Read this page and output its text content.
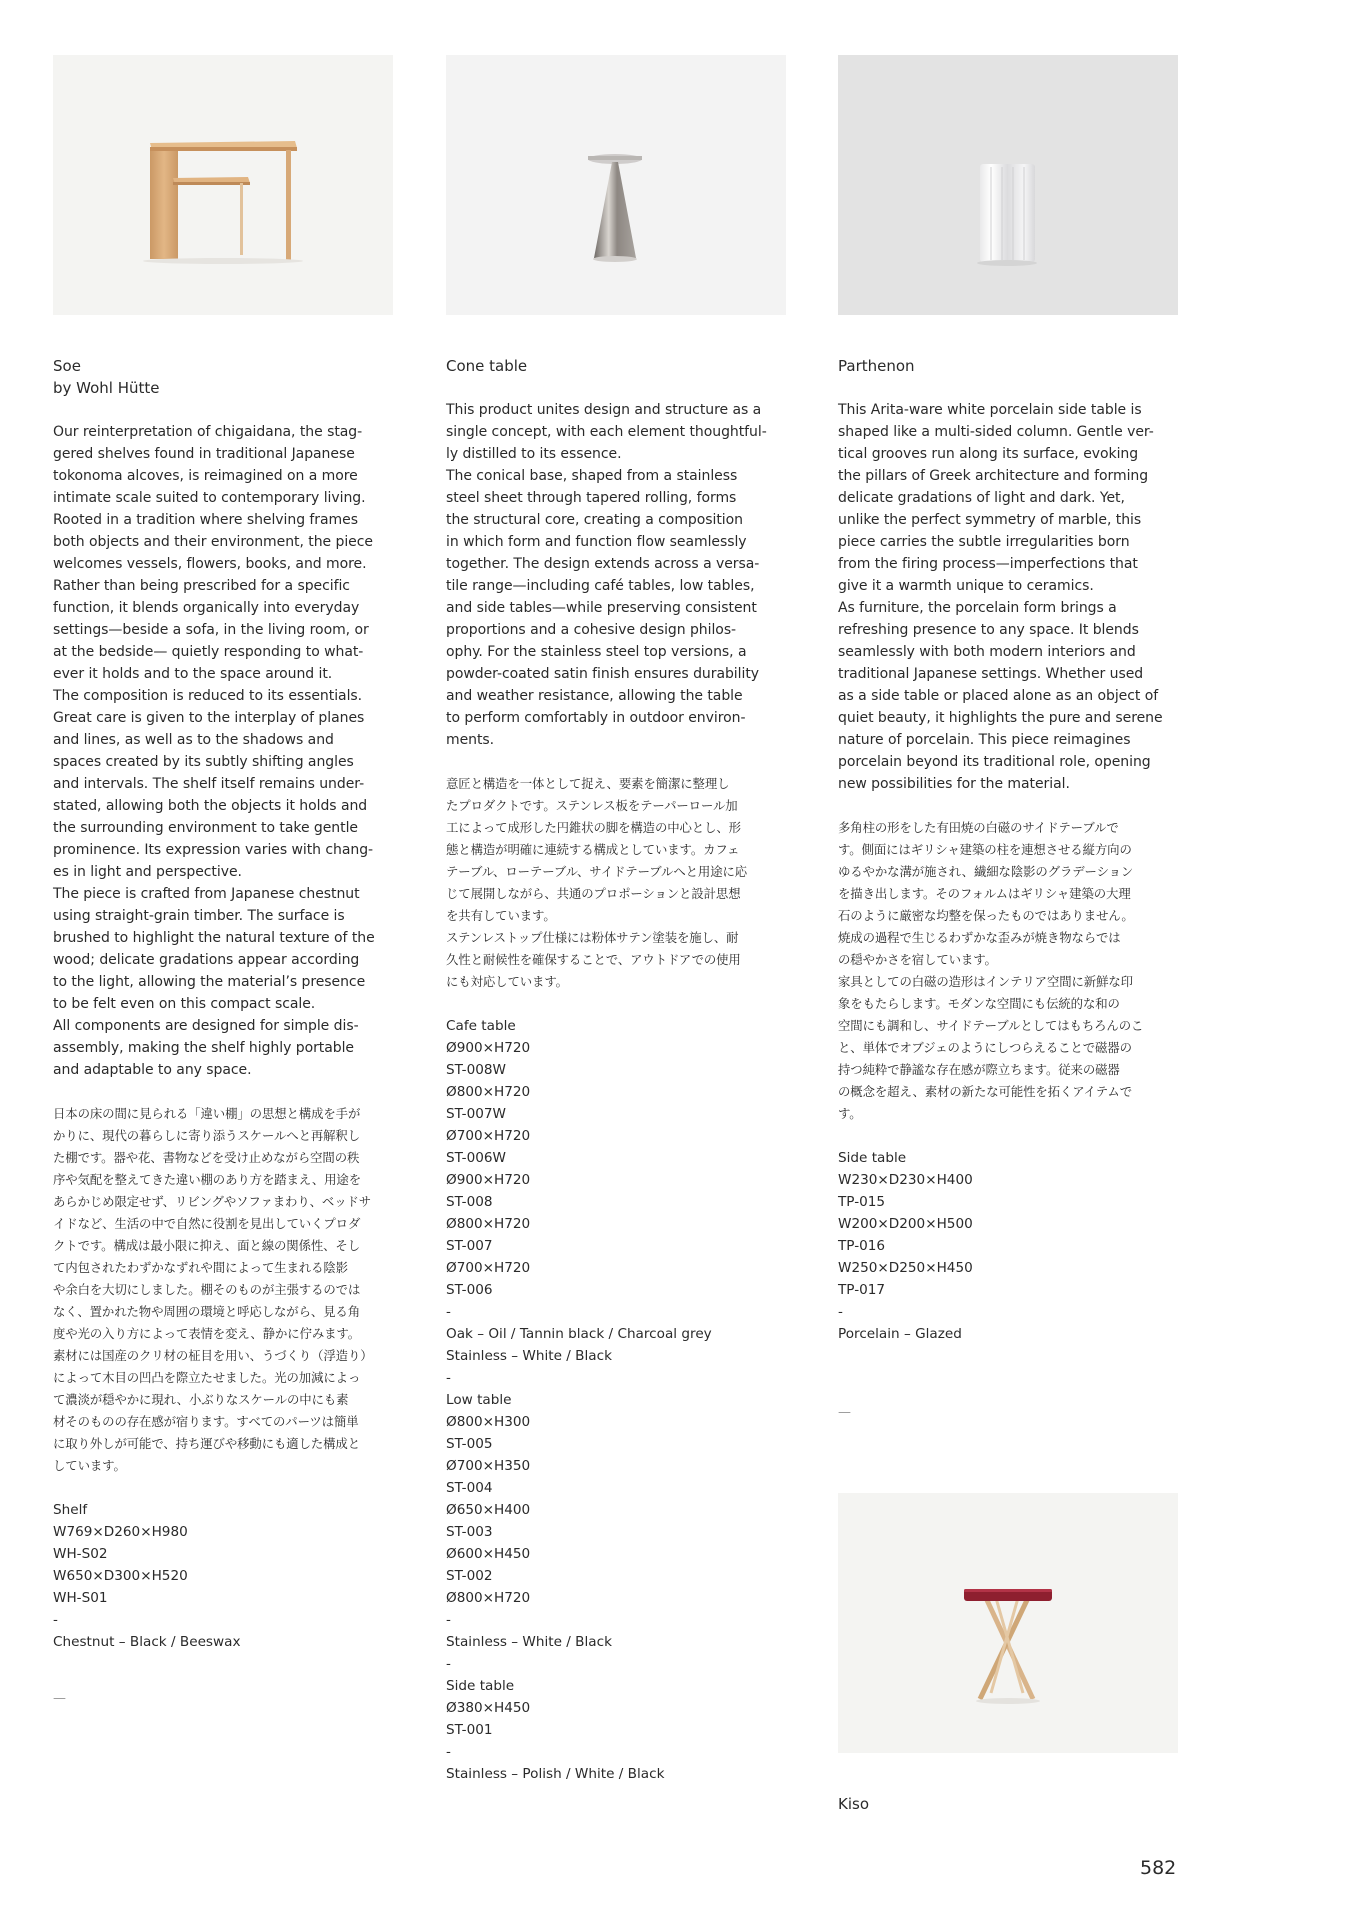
Soe

by Wohl Hütte

Our reinterpretation of chigaidana, the stag-

gered shelves found in traditional Japanese

tokonoma alcoves, is reimagined on a more

intimate scale suited to contemporary living.

Rooted in a tradition where shelving frames

both objects and their environment, the piece

welcomes vessels, flowers, books, and more.

Rather than being prescribed for a specific

function, it blends organically into everyday

settings—beside a sofa, in the living room, or

at the bedside— quietly responding to what-

ever it holds and to the space around it.

The composition is reduced to its essentials.

Great care is given to the interplay of planes

and lines, as well as to the shadows and

spaces created by its subtly shifting angles

and intervals. The shelf itself remains under-

stated, allowing both the objects it holds and

the surrounding environment to take gentle

prominence. Its expression varies with chang-

es in light and perspective.

The piece is crafted from Japanese chestnut

using straight-grain timber. The surface is

brushed to highlight the natural texture of the

wood; delicate gradations appear according

to the light, allowing the material’s presence

to be felt even on this compact scale.

All components are designed for simple dis-

assembly, making the shelf highly portable

and adaptable to any space.

日本の床の間に見られる「違い棚」の思想と構成を手が

かりに、現代の暮らしに寄り添うスケールへと再解釈し

た棚です。器や花、書物などを受け止めながら空間の秩

序や気配を整えてきた違い棚のあり方を踏まえ、用途を

あらかじめ限定せず、リビングやソファまわり、ベッドサ

イドなど、生活の中で自然に役割を見出していくプロダ

クトです。構成は最小限に抑え、面と線の関係性、そし

て内包されたわずかなずれや間によって生まれる陰影

や余白を大切にしました。棚そのものが主張するのでは

なく、置かれた物や周囲の環境と呼応しながら、見る角

度や光の入り方によって表情を変え、静かに佇みます。

素材には国産のクリ材の柾目を用い、うづくり（浮造り）

によって木目の凹凸を際立たせました。光の加減によっ

て濃淡が穏やかに現れ、小ぶりなスケールの中にも素

材そのものの存在感が宿ります。すべてのパーツは簡単

に取り外しが可能で、持ち運びや移動にも適した構成と

しています。

Shelf

W769×D260×H980

WH-S02

W650×D300×H520

WH-S01

-

Chestnut – Black / Beeswax

—

Cone table

This product unites design and structure as a

single concept, with each element thoughtful-

ly distilled to its essence.

The conical base, shaped from a stainless

steel sheet through tapered rolling, forms

the structural core, creating a composition

in which form and function flow seamlessly

together. The design extends across a versa-

tile range—including café tables, low tables,

and side tables—while preserving consistent

proportions and a cohesive design philos-

ophy. For the stainless steel top versions, a

powder-coated satin finish ensures durability

and weather resistance, allowing the table

to perform comfortably in outdoor environ-

ments.

意匠と構造を一体として捉え、要素を簡潔に整理し

たプロダクトです。ステンレス板をテーパーロール加

工によって成形した円錐状の脚を構造の中心とし、形

態と構造が明確に連続する構成としています。カフェ

テーブル、ローテーブル、サイドテーブルへと用途に応

じて展開しながら、共通のプロポーションと設計思想

を共有しています。

ステンレストップ仕様には粉体サテン塗装を施し、耐

久性と耐候性を確保することで、アウトドアでの使用

にも対応しています。

Cafe table

Ø900×H720

ST-008W

Ø800×H720

ST-007W

Ø700×H720

ST-006W

Ø900×H720

ST-008

Ø800×H720

ST-007

Ø700×H720

ST-006

-

Oak – Oil / Tannin black / Charcoal grey

Stainless – White / Black

-

Low table

Ø800×H300

ST-005

Ø700×H350

ST-004

Ø650×H400

ST-003

Ø600×H450

ST-002

Ø800×H720

-

Stainless – White / Black

-

Side table

Ø380×H450

ST-001

-

Stainless – Polish / White / Black

Parthenon

This Arita-ware white porcelain side table is

shaped like a multi-sided column. Gentle ver-

tical grooves run along its surface, evoking

the pillars of Greek architecture and forming

delicate gradations of light and dark. Yet,

unlike the perfect symmetry of marble, this

piece carries the subtle irregularities born

from the firing process—imperfections that

give it a warmth unique to ceramics.

As furniture, the porcelain form brings a

refreshing presence to any space. It blends

seamlessly with both modern interiors and

traditional Japanese settings. Whether used

as a side table or placed alone as an object of

quiet beauty, it highlights the pure and serene

nature of porcelain. This piece reimagines

porcelain beyond its traditional role, opening

new possibilities for the material.

多角柱の形をした有田焼の白磁のサイドテーブルで

す。側面にはギリシャ建築の柱を連想させる縦方向の

ゆるやかな溝が施され、繊細な陰影のグラデーション

を描き出します。そのフォルムはギリシャ建築の大理

石のように厳密な均整を保ったものではありません。

焼成の過程で生じるわずかな歪みが焼き物ならでは

の穏やかさを宿しています。

家具としての白磁の造形はインテリア空間に新鮮な印

象をもたらします。モダンな空間にも伝統的な和の

空間にも調和し、サイドテーブルとしてはもちろんのこ

と、単体でオブジェのようにしつらえることで磁器の

持つ純粋で静謐な存在感が際立ちます。従来の磁器

の概念を超え、素材の新たな可能性を拓くアイテムで

す。

Side table

W230×D230×H400

TP-015

W200×D200×H500

TP-016

W250×D250×H450

TP-017

-

Porcelain – Glazed

—

Kiso

582
